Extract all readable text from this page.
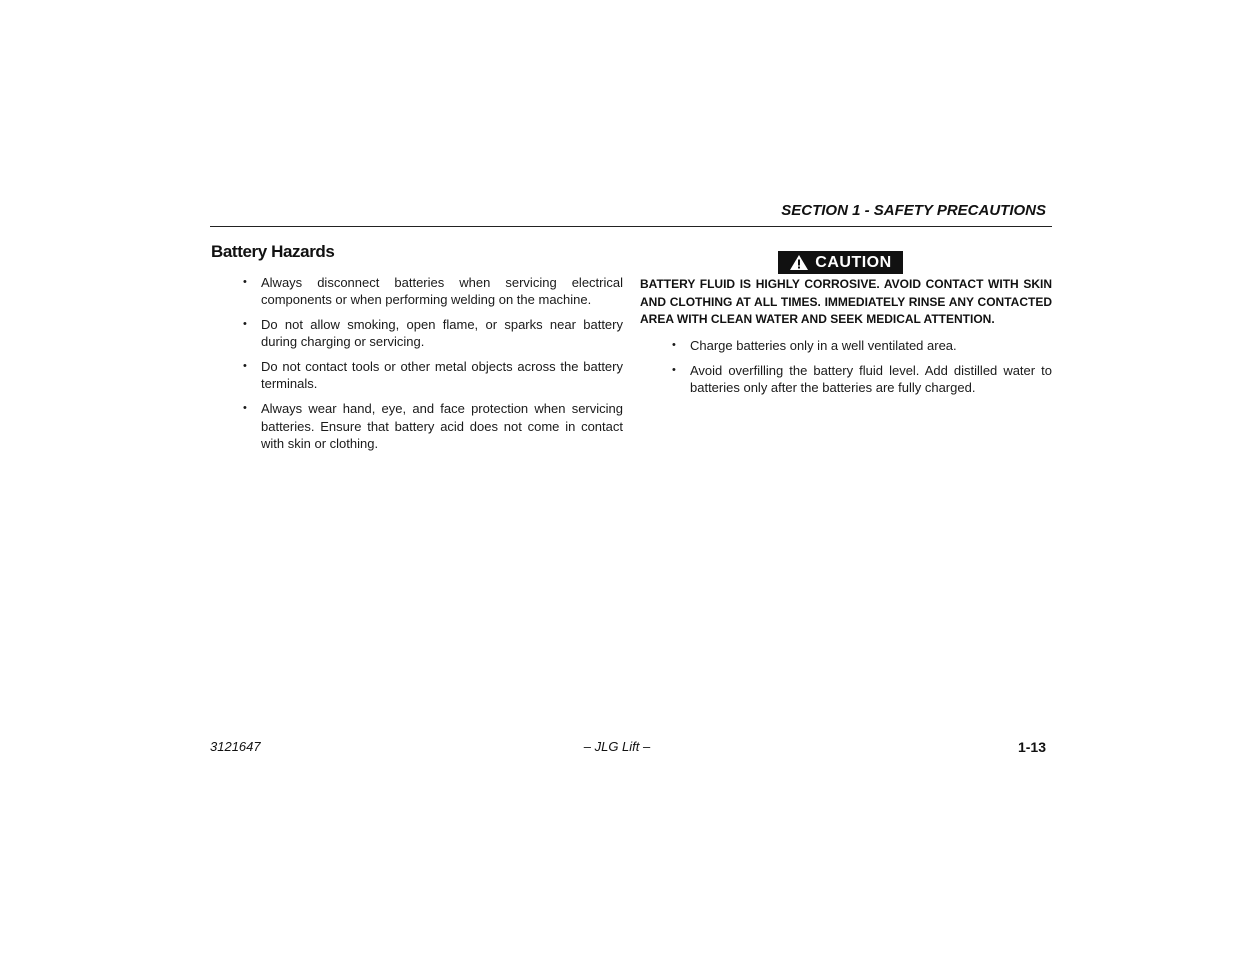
SECTION 1 - SAFETY PRECAUTIONS
Battery Hazards
• Always disconnect batteries when servicing electrical components or when performing welding on the machine.
• Do not allow smoking, open flame, or sparks near battery during charging or servicing.
• Do not contact tools or other metal objects across the battery terminals.
• Always wear hand, eye, and face protection when servicing batteries. Ensure that battery acid does not come in contact with skin or clothing.
CAUTION
BATTERY FLUID IS HIGHLY CORROSIVE. AVOID CONTACT WITH SKIN AND CLOTHING AT ALL TIMES. IMMEDIATELY RINSE ANY CONTACTED AREA WITH CLEAN WATER AND SEEK MEDICAL ATTENTION.
• Charge batteries only in a well ventilated area.
• Avoid overfilling the battery fluid level. Add distilled water to batteries only after the batteries are fully charged.
3121647	– JLG Lift –	1-13
